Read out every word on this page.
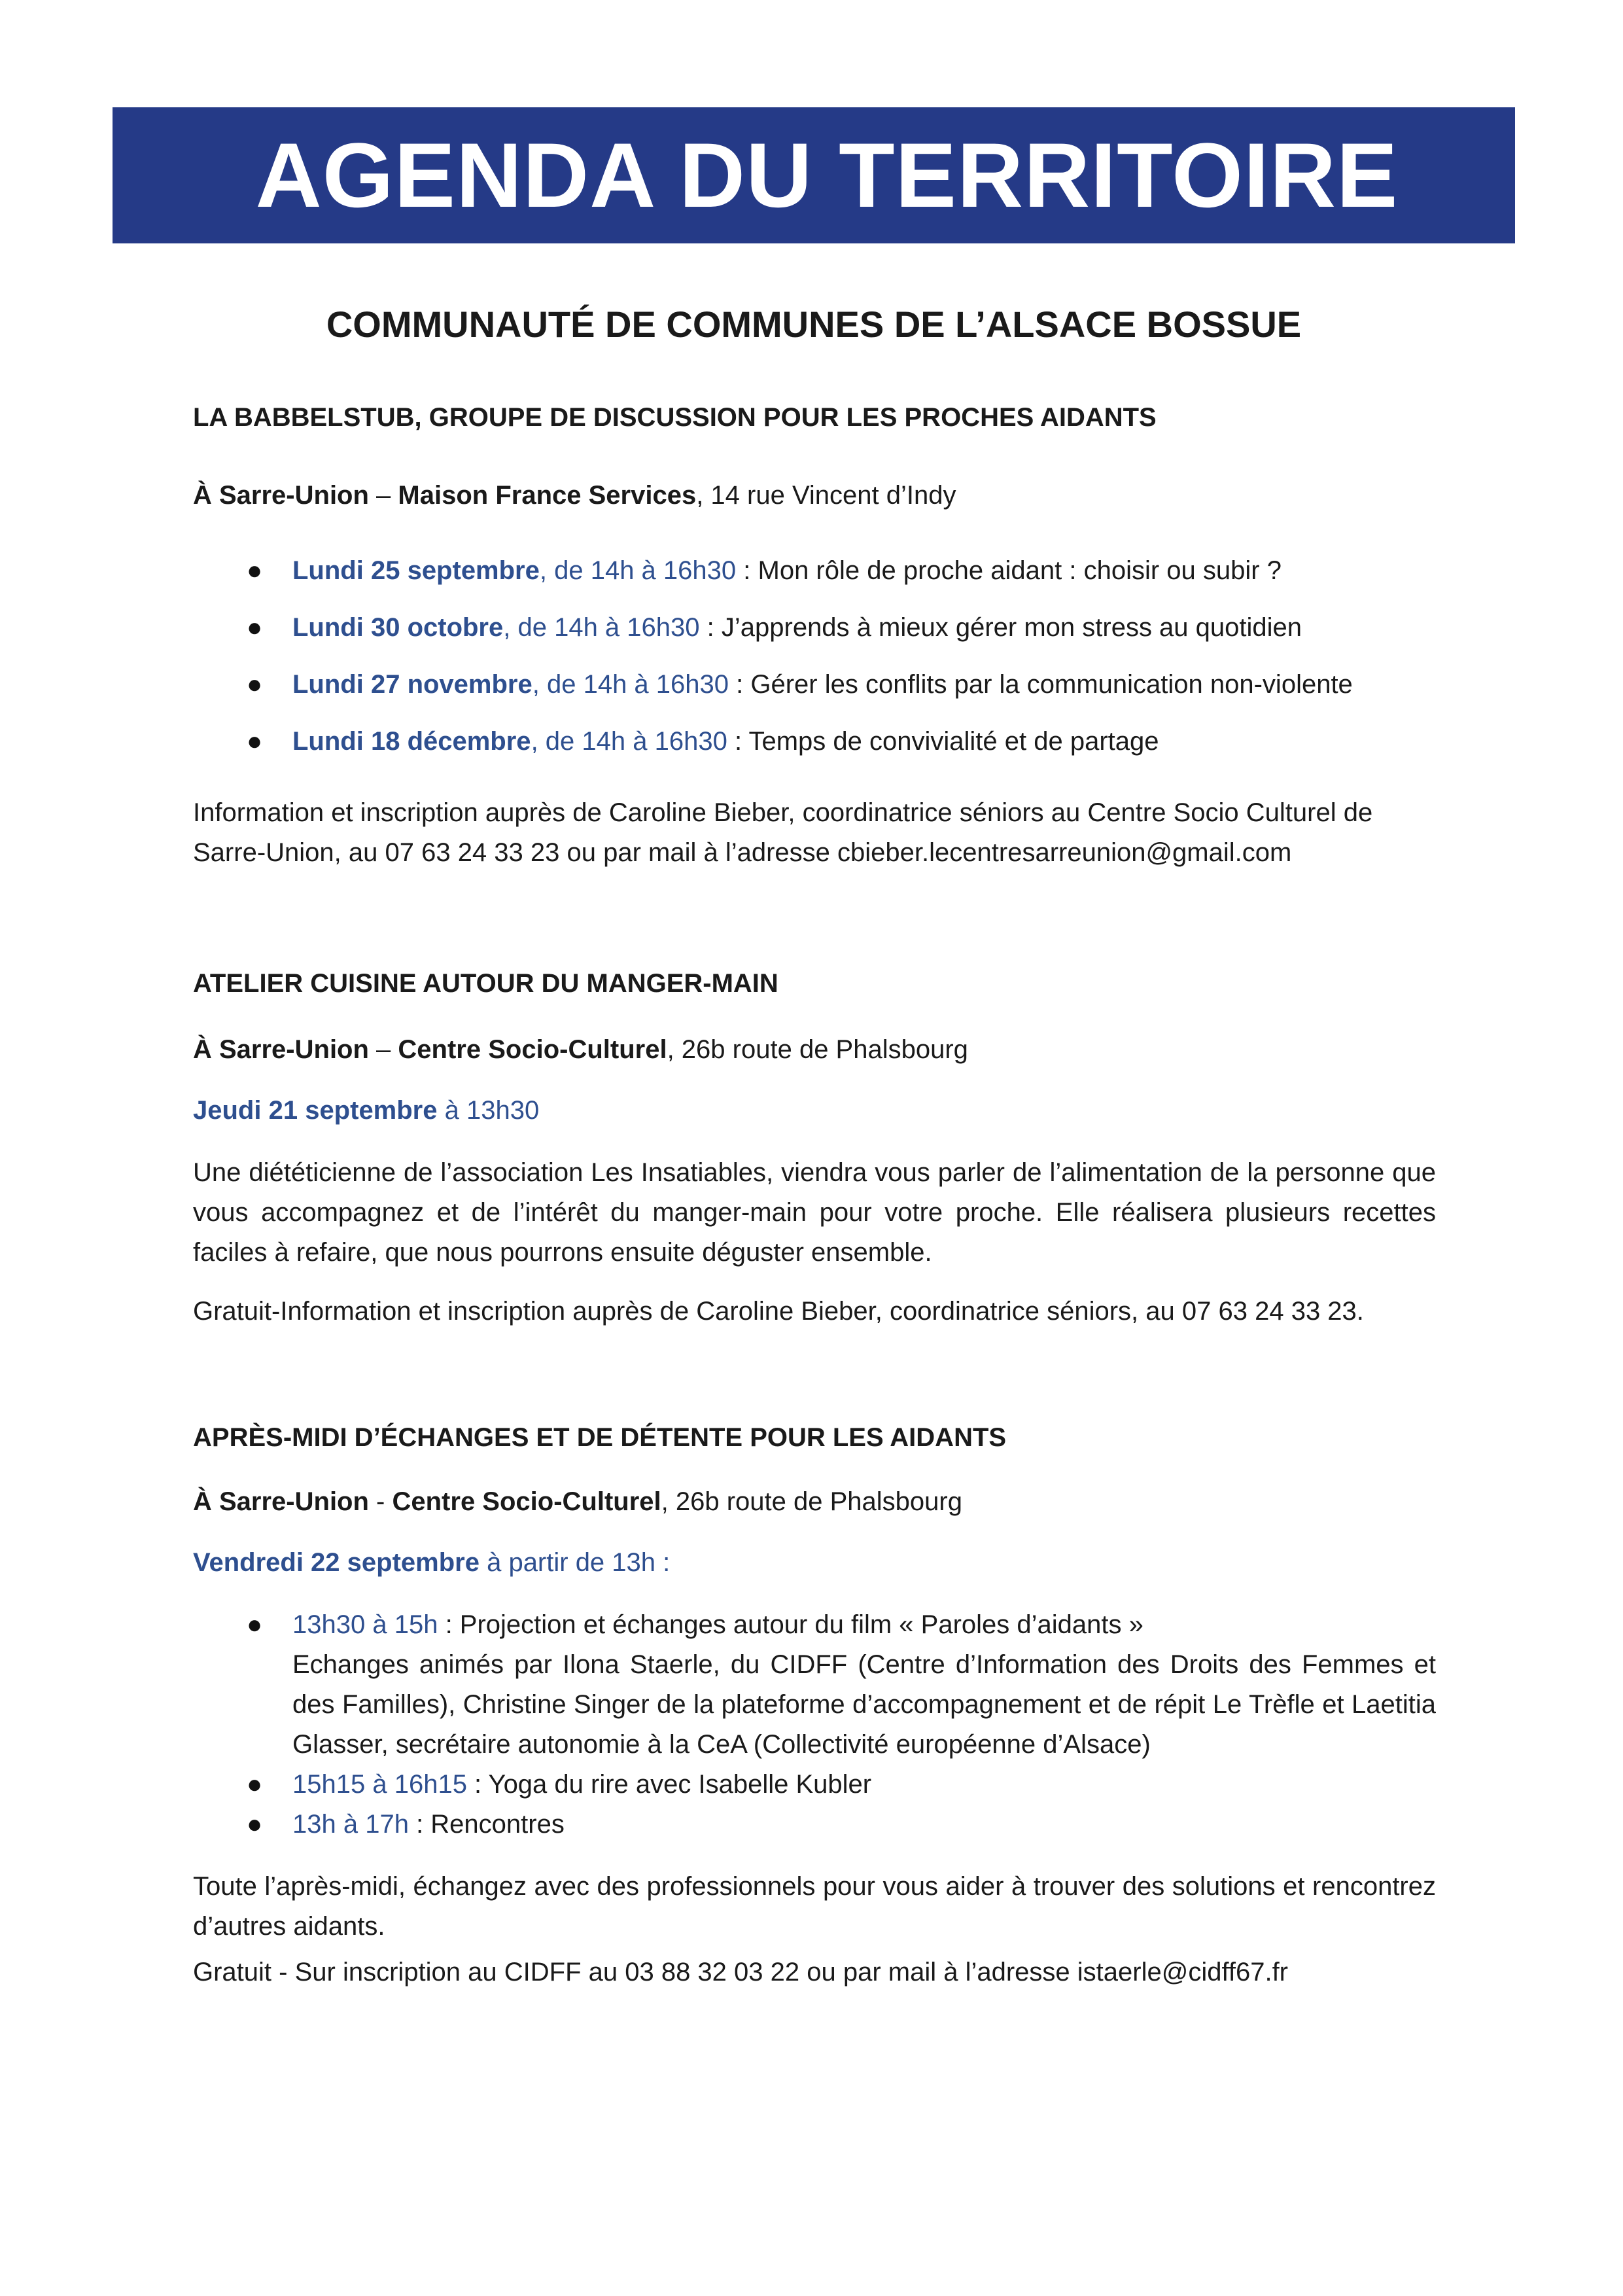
AGENDA DU TERRITOIRE
COMMUNAUTÉ DE COMMUNES DE L’ALSACE BOSSUE
LA BABBELSTUB, GROUPE DE DISCUSSION POUR LES PROCHES AIDANTS
À Sarre-Union – Maison France Services, 14 rue Vincent d’Indy
● Lundi 25 septembre, de 14h à 16h30 : Mon rôle de proche aidant : choisir ou subir ?
● Lundi 30 octobre, de 14h à 16h30 : J’apprends à mieux gérer mon stress au quotidien
● Lundi 27 novembre, de 14h à 16h30 : Gérer les conflits par la communication non-violente
● Lundi 18 décembre, de 14h à 16h30 : Temps de convivialité et de partage

Information et inscription auprès de Caroline Bieber, coordinatrice séniors au Centre Socio Culturel de Sarre-Union, au 07 63 24 33 23 ou par mail à l’adresse cbieber.lecentresarreunion@gmail.com

ATELIER CUISINE AUTOUR DU MANGER-MAIN
À Sarre-Union – Centre Socio-Culturel, 26b route de Phalsbourg
Jeudi 21 septembre à 13h30

Une diététicienne de l’association Les Insatiables, viendra vous parler de l’alimentation de la personne que vous accompagnez et de l’intérêt du manger-main pour votre proche. Elle réalisera plusieurs recettes faciles à refaire, que nous pourrons ensuite déguster ensemble.

Gratuit-Information et inscription auprès de Caroline Bieber, coordinatrice séniors, au 07 63 24 33 23.

APRÈS-MIDI D’ÉCHANGES ET DE DÉTENTE POUR LES AIDANTS
À Sarre-Union - Centre Socio-Culturel, 26b route de Phalsbourg
Vendredi 22 septembre à partir de 13h :
● 13h30 à 15h : Projection et échanges autour du film « Paroles d’aidants »
Echanges animés par Ilona Staerle, du CIDFF (Centre d’Information des Droits des Femmes et des Familles), Christine Singer de la plateforme d’accompagnement et de répit Le Trèfle et Laetitia Glasser, secrétaire autonomie à la CeA (Collectivité européenne d’Alsace)
● 15h15 à 16h15 : Yoga du rire avec Isabelle Kubler
● 13h à 17h : Rencontres

Toute l’après-midi, échangez avec des professionnels pour vous aider à trouver des solutions et rencontrez d’autres aidants.

Gratuit - Sur inscription au CIDFF au 03 88 32 03 22 ou par mail à l’adresse istaerle@cidff67.fr
